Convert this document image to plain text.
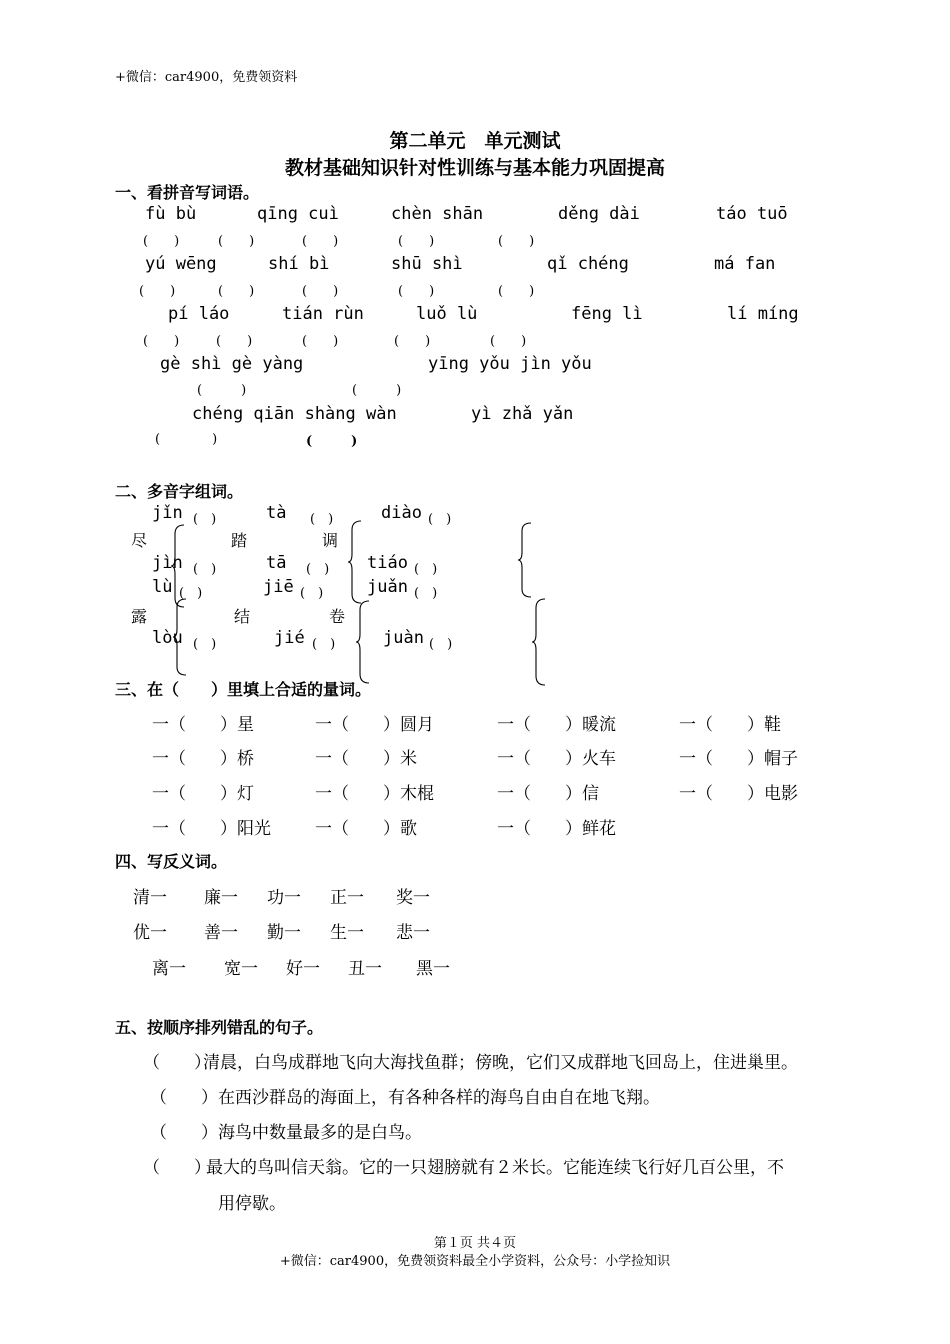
+微信：car4900，免费领资料
第二单元　单元测试
教材基础知识针对性训练与基本能力巩固提高
一、看拼音写词语。
fù bù	qīng cuì	chèn shān	děng dài	táo tuō
(　　)	(　　)	(　　)	(　　)	(　　)
yú wēng	shí bì	shū shì	qǐ chéng	má fan
(　　)	(　　)	(　　)	(　　)	(　　)
pí láo	tián rùn	luǒ lù	fēng lì	lí míng
(　　)	(　　)	(　　)	(　　)	(　　)
gè shì gè yàng	yīng yǒu jìn yǒu
(　　　)	(　　　)
chéng qiān shàng wàn	yì zhǎ yǎn
(　　　　)	(　　　)
二、多音字组词。
jǐn (　)	tà (　)	diào (　)
尽	踏	调
jìn (　)	tā (　) tiáo (　)
lù (　)	jiē (　)	juǎn (　)
露	结	卷
lòu (　)	jié (　)	juàn (　)
三、在（　　）里填上合适的量词。
一（　　）星	一（　　）圆月	一（　　）暖流	一（　　）鞋
一（　　）桥	一（　　）米	一（　　）火车	一（　　）帽子
一（　　）灯	一（　　）木棍	一（　　）信	一（　　）电影
一（　　）阳光	一（　　）歌	一（　　）鲜花
四、写反义词。
清一 廉一 功一 正一 奖一
优一 善一 勤一 生一 悲一
离一 宽一 好一 丑一 黑一
五、按顺序排列错乱的句子。
（　　）
清晨，白鸟成群地飞向大海找鱼群；傍晚，它们又成群地飞回岛上，住进巢里。
（　　） 在西沙群岛的海面上，有各种各样的海鸟自由自在地飞翔。
（　　） 海鸟中数量最多的是白鸟。
（　　）
最大的鸟叫信天翁。它的一只翅膀就有２米长。它能连续飞行好几百公里，不
用停歇。
第１页 共４页
+微信：car4900，免费领资料最全小学资料，公众号：小学捡知识
